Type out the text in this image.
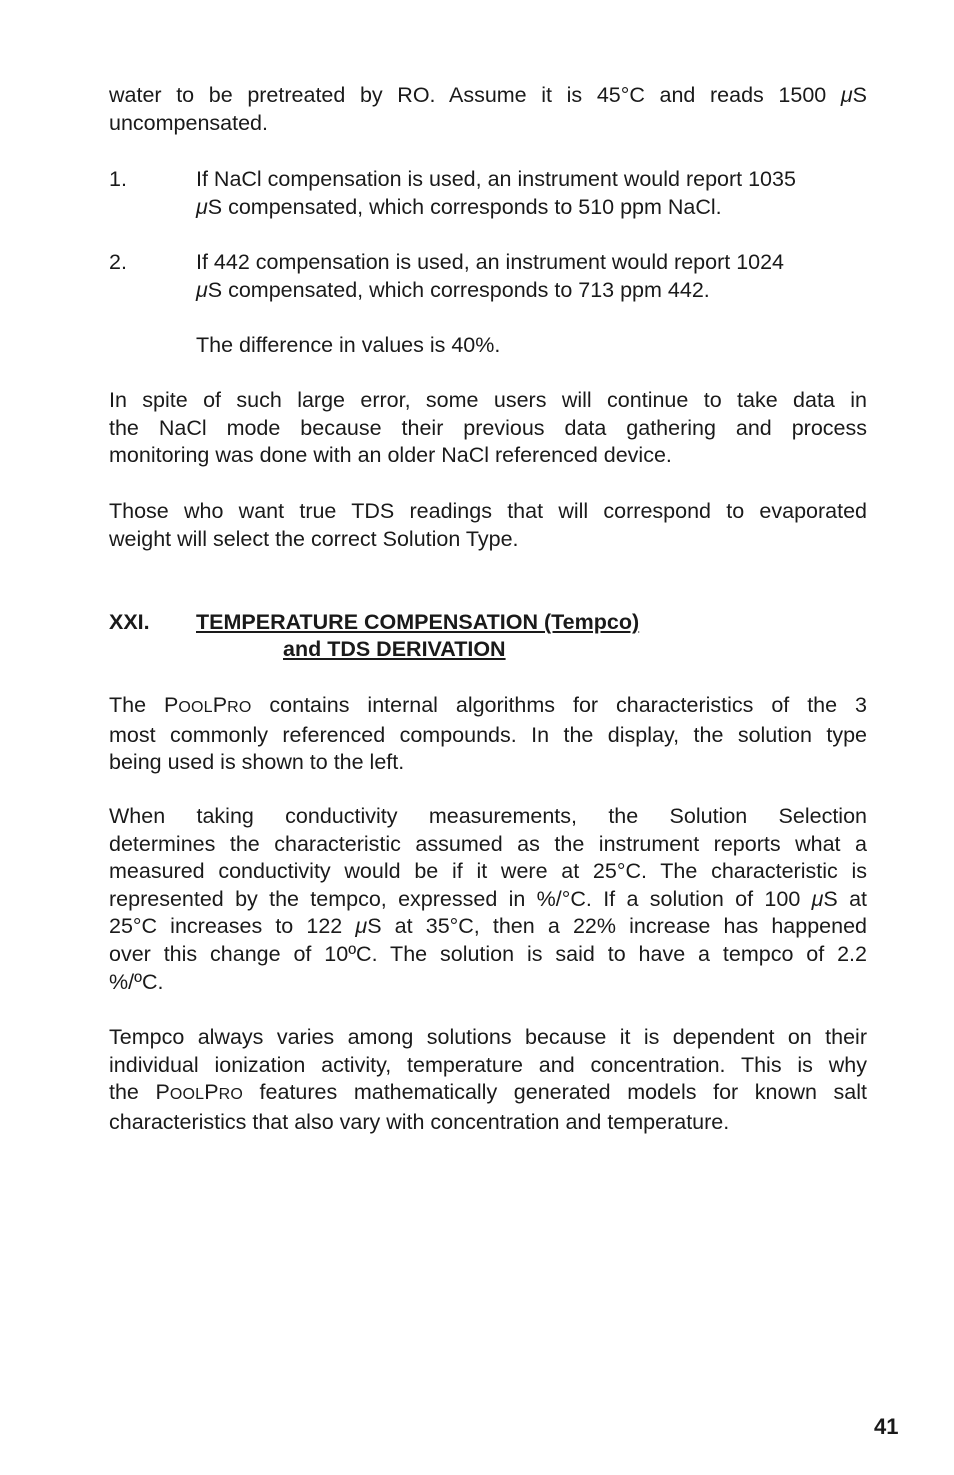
water to be pretreated by RO. Assume it is 45°C and reads 1500 μS
uncompensated.
1.	If NaCl compensation is used, an instrument would report 1035
μS compensated, which corresponds to 510 ppm NaCl.
2.	If 442 compensation is used, an instrument would report 1024
μS compensated, which corresponds to 713 ppm 442.
The difference in values is 40%.
In spite of such large error, some users will continue to take data in
the NaCl mode because their previous data gathering and process
monitoring was done with an older NaCl referenced device.
Those who want true TDS readings that will correspond to evaporated
weight will select the correct Solution Type.
XXI. TEMPERATURE COMPENSATION (Tempco)
and TDS DERIVATION
The POOLPRO contains internal algorithms for characteristics of the 3
most commonly referenced compounds. In the display, the solution type
being used is shown to the left.
When taking conductivity measurements, the Solution Selection
determines the characteristic assumed as the instrument reports what a
measured conductivity would be if it were at 25°C. The characteristic is
represented by the tempco, expressed in %/°C. If a solution of 100 μS at
25°C increases to 122 μS at 35°C, then a 22% increase has happened
over this change of 10ºC. The solution is said to have a tempco of 2.2
%/ºC.
Tempco always varies among solutions because it is dependent on their
individual ionization activity, temperature and concentration. This is why
the POOLPRO features mathematically generated models for known salt
characteristics that also vary with concentration and temperature.
41
